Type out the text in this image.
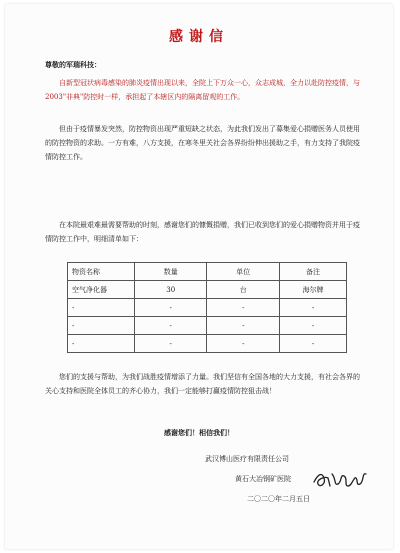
感谢信
尊敬的军瑞科技：

自新型冠状病毒感染的肺炎疫情出现以来，全院上下万众一心，众志成城，全力以赴防控疫情，与2003"非典"防控时一样，承担起了本辖区内的隔离留观的工作。

但由于疫情暴发突然，防控物资出现严重短缺之状态，为此我们发出了募集爱心捐赠医务人员使用的防控物资的求助。一方有难，八方支援，在寒冬里关社会各界纷纷伸出援助之手，有力支持了我院疫情防控工作。

在本院最艰难最需要帮助的时刻，感谢您们的慷慨捐赠，我们已收到您们的爱心捐赠物资并用于疫情防控工作中，明细清单如下：

物资名称	数量	单位	备注
空气净化器	30	台	海尔牌
-	-	-	-
-	-	-	-
-	-	-	-

您们的支援与帮助，为我们战胜疫情增添了力量。我们坚信有全国各地的大力支援，有社会各界的关心支持和医院全体员工的齐心协力，我们一定能够打赢疫情防控狙击战！

感谢您们！相信我们！
武汉博山医疗有限责任公司
黄石大冶钢矿医院
二〇二〇年二月五日
